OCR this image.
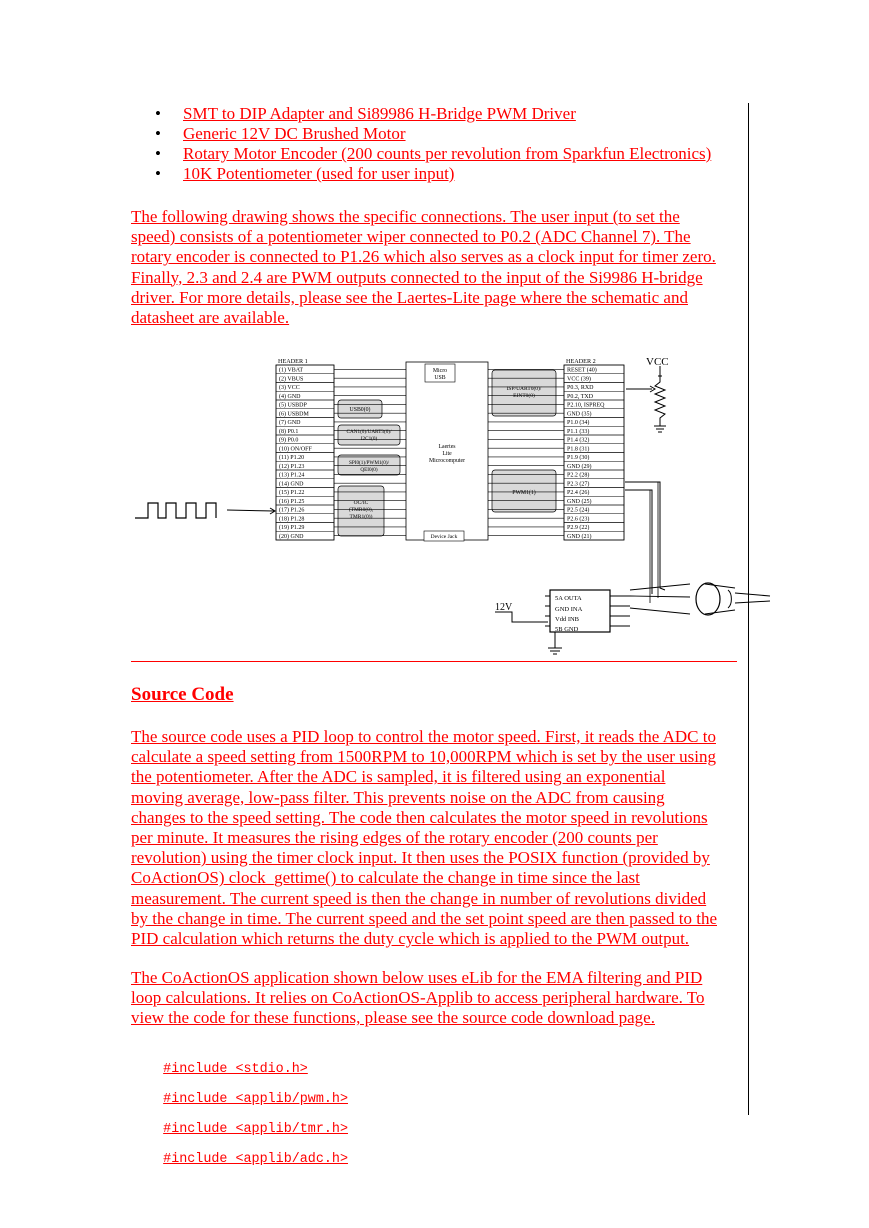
• SMT to DIP Adapter and Si89986 H-Bridge PWM Driver
• Generic 12V DC Brushed Motor
• Rotary Motor Encoder (200 counts per revolution from Sparkfun Electronics)
• 10K Potentiometer (used for user input)
The following drawing shows the specific connections. The user input (to set the
speed) consists of a potentiometer wiper connected to P0.2 (ADC Channel 7). The
rotary encoder is connected to P1.26 which also serves as a clock input for timer zero.
Finally, 2.3 and 2.4 are PWM outputs connected to the input of the Si9986 H-bridge
driver. For more details, please see the Laertes-Lite page where the schematic and
datasheet are available.
HEADER 1	HEADER 2
(1) VBAT
(2) VBUS
(3) VCC
(4) GND
(5) USBDP
(6) USBDM
(7) GND
(8) P0.1
(9) P0.0
(10) ON/OFF
(11) P1.20
(12) P1.23
(13) P1.24
(14) GND
(15) P1.22
(16) P1.25
(17) P1.26
(18) P1.28
(19) P1.29
(20) GND
RESET (40)
VCC (39)
P0.3, RXD
P0.2, TXD
P2.10, ISPREQ
GND (35)
P1.0 (34)
P1.1 (33)
P1.4 (32)
P1.8 (31)
P1.9 (30)
GND (29)
P2.2 (28)
P2.3 (27)
P2.4 (26)
GND (25)
P2.5 (24)
P2.6 (23)
P2.9 (22)
GND (21)
Micro
USB
Laertes
Lite
Microcomputer
Device Jack
USB0(0)
CAN1(0)/UART3(0)/
I2C1(0)
SPI0(1)/PWM1(0)/
QEI0(0)
OC/IC
(TMR0(0),
TMR1(0))
ISP/UART0(0)/
EINT0(0)
PWM1(1)
VCC
5A OUTA
GND INA
Vdd INB
5B GND
12V
Source Code
The source code uses a PID loop to control the motor speed. First, it reads the ADC to
calculate a speed setting from 1500RPM to 10,000RPM which is set by the user using
the potentiometer. After the ADC is sampled, it is filtered using an exponential
moving average, low-pass filter. This prevents noise on the ADC from causing
changes to the speed setting. The code then calculates the motor speed in revolutions
per minute. It measures the rising edges of the rotary encoder (200 counts per
revolution) using the timer clock input. It then uses the POSIX function (provided by
CoActionOS) clock_gettime() to calculate the change in time since the last
measurement. The current speed is then the change in number of revolutions divided
by the change in time. The current speed and the set point speed are then passed to the
PID calculation which returns the duty cycle which is applied to the PWM output.
The CoActionOS application shown below uses eLib for the EMA filtering and PID
loop calculations. It relies on CoActionOS-Applib to access peripheral hardware. To
view the code for these functions, please see the source code download page.

#include <stdio.h>

#include <applib/pwm.h>

#include <applib/tmr.h>

#include <applib/adc.h>
